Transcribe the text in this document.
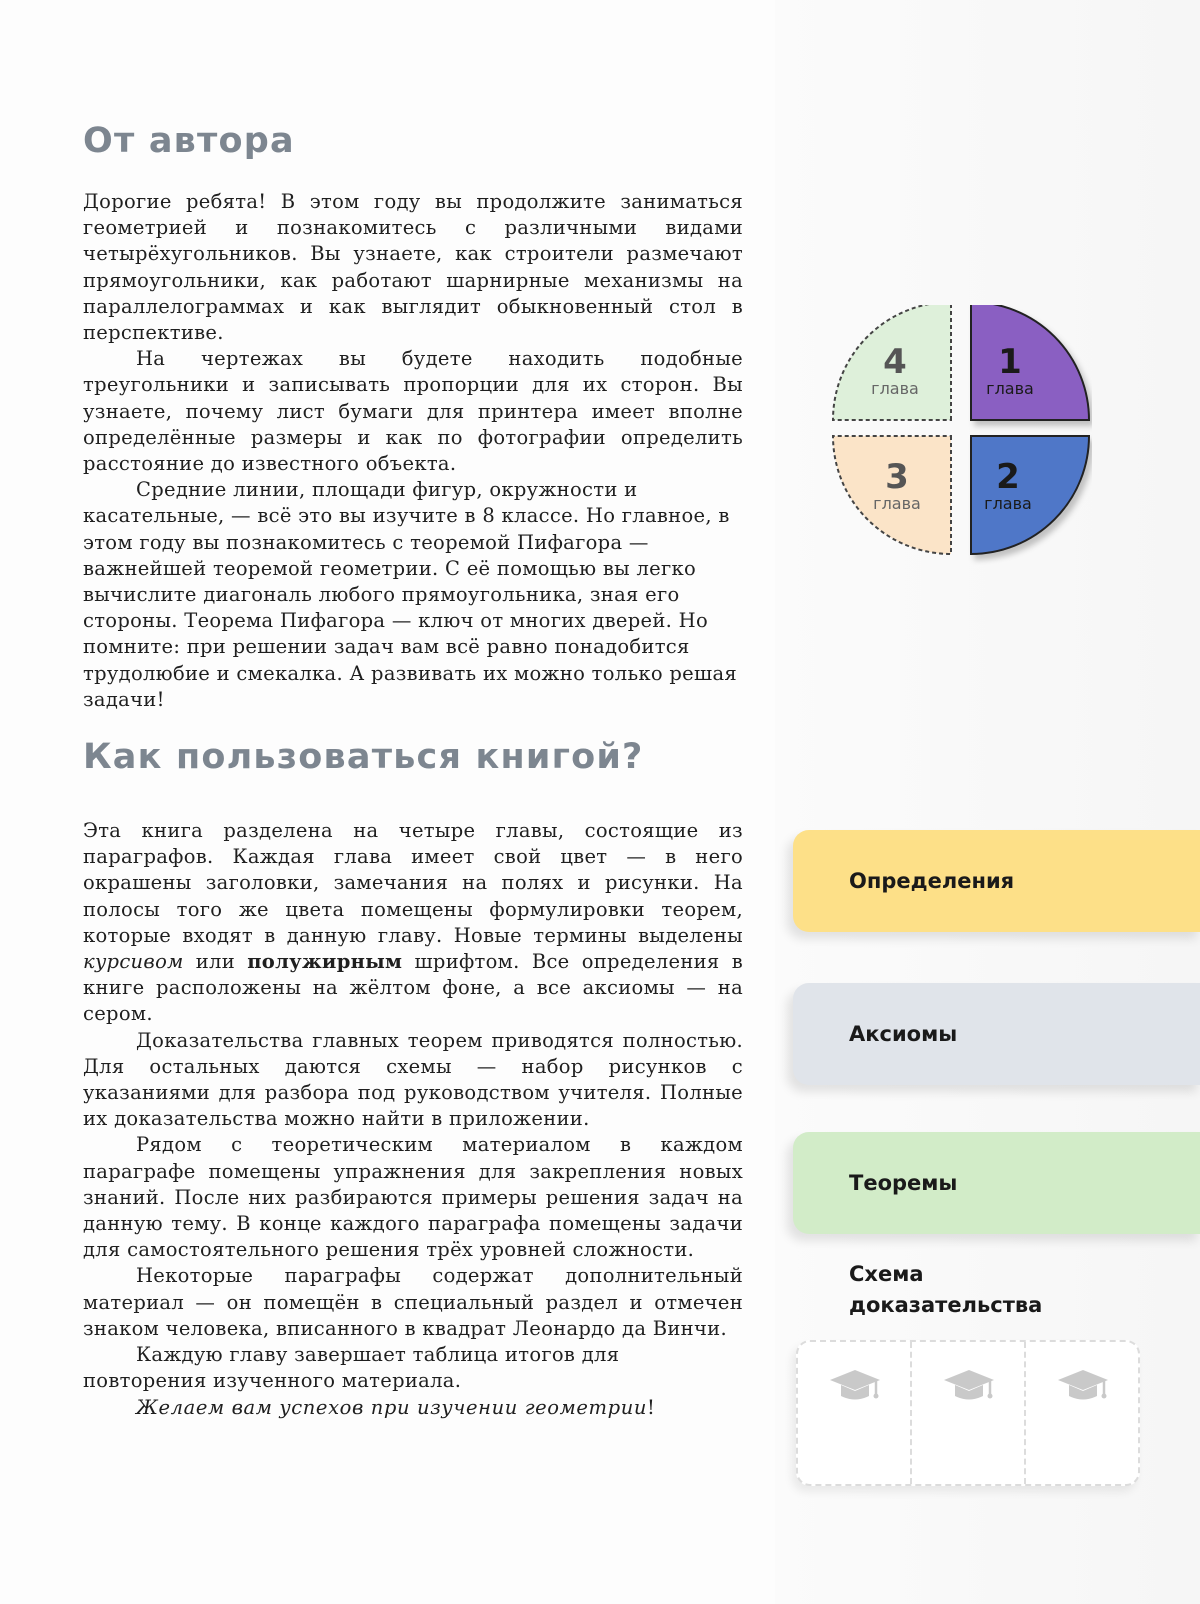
От автора

Дорогие ребята! В этом году вы продолжите заниматься геометрией и познакомитесь с различными видами четырёхугольников. Вы узнаете, как строители размечают прямоугольники, как работают шарнирные механизмы на параллелограммах и как выглядит обыкновенный стол в перспективе.

На чертежах вы будете находить подобные треугольники и записывать пропорции для их сторон. Вы узнаете, почему лист бумаги для принтера имеет вполне определённые размеры и как по фотографии определить расстояние до известного объекта.

Средние линии, площади фигур, окружности и касательные, — всё это вы изучите в 8 классе. Но главное, в этом году вы познакомитесь с теоремой Пифагора — важнейшей теоремой геометрии. С её помощью вы легко вычислите диагональ любого прямоугольника, зная его стороны. Теорема Пифагора — ключ от многих дверей. Но помните: при решении задач вам всё равно понадобится трудолюбие и смекалка. А развивать их можно только решая задачи!

Как пользоваться книгой?

Эта книга разделена на четыре главы, состоящие из параграфов. Каждая глава имеет свой цвет — в него окрашены заголовки, замечания на полях и рисунки. На полосы того же цвета помещены формулировки теорем, которые входят в данную главу. Новые термины выделены курсивом или полужирным шрифтом. Все определения в книге расположены на жёлтом фоне, а все аксиомы — на сером.

Доказательства главных теорем приводятся полностью. Для остальных даются схемы — набор рисунков с указаниями для разбора под руководством учителя. Полные их доказательства можно найти в приложении.

Рядом с теоретическим материалом в каждом параграфе помещены упражнения для закрепления новых знаний. После них разбираются примеры решения задач на данную тему. В конце каждого параграфа помещены задачи для самостоятельного решения трёх уровней сложности.

Некоторые параграфы содержат дополнительный материал — он помещён в специальный раздел и отмечен знаком человека, вписанного в квадрат Леонардо да Винчи.

Каждую главу завершает таблица итогов для повторения изученного материала.

Желаем вам успехов при изучении геометрии!

4
глава
1
глава
3
глава
2
глава
Определения
Аксиомы
Теоремы
Схема доказательства
